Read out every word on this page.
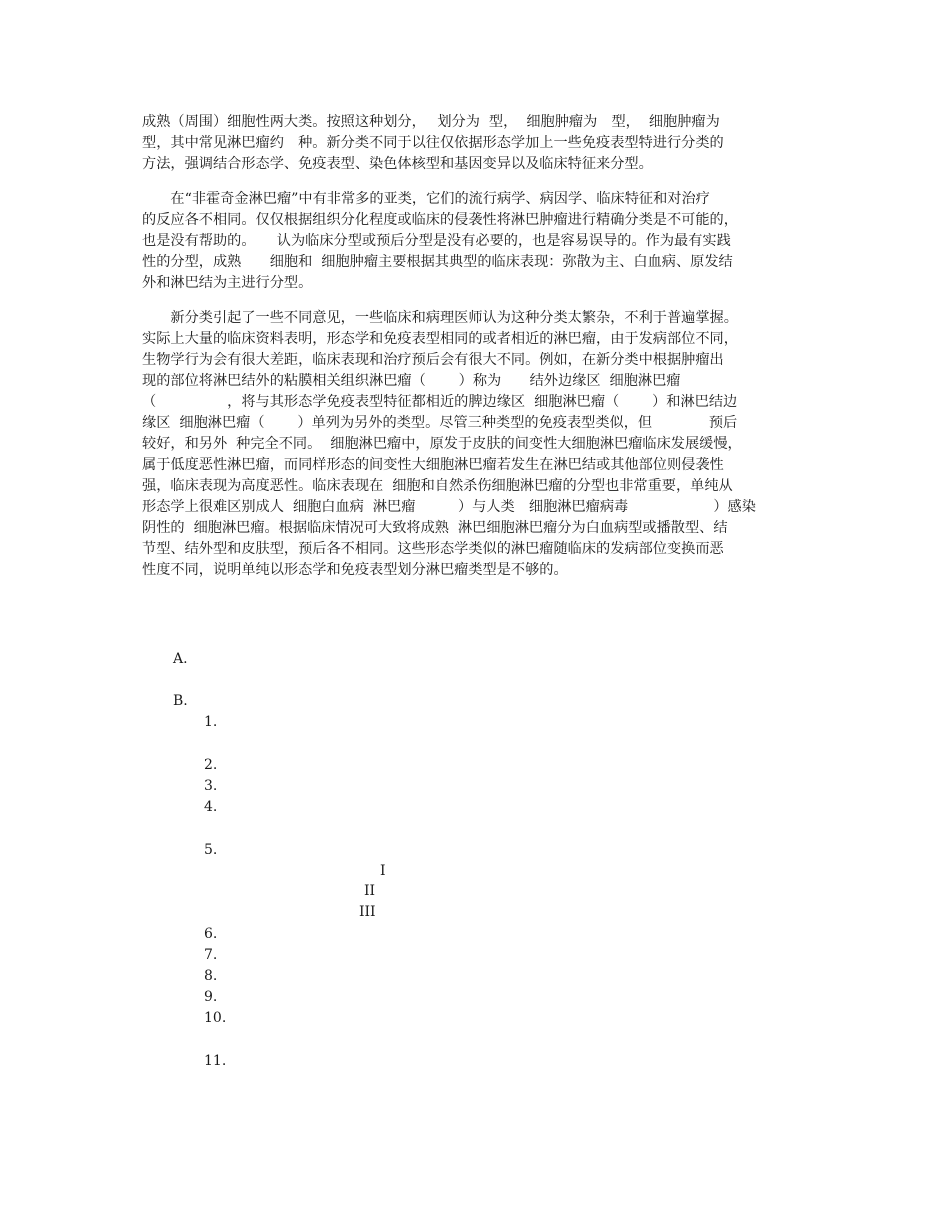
成熟（周围）细胞性两大类。按照这种划分，　 划分为  型，  细胞肿瘤为　型，  细胞肿瘤为
型，其中常见淋巴瘤约　种。新分类不同于以往仅依据形态学加上一些免疫表型特进行分类的
方法，强调结合形态学、免疫表型、染色体核型和基因变异以及临床特征来分型。

　　在“非霍奇金淋巴瘤”中有非常多的亚类，它们的流行病学、病因学、临床特征和对治疗
的反应各不相同。仅仅根据组织分化程度或临床的侵袭性将淋巴肿瘤进行精确分类是不可能的，
也是没有帮助的。　　认为临床分型或预后分型是没有必要的，也是容易误导的。作为最有实践
性的分型，成熟　　细胞和  细胞肿瘤主要根据其典型的临床表现：弥散为主、白血病、原发结
外和淋巴结为主进行分型。

　　新分类引起了一些不同意见，一些临床和病理医师认为这种分类太繁杂，不利于普遍掌握。
实际上大量的临床资料表明，形态学和免疫表型相同的或者相近的淋巴瘤，由于发病部位不同，
生物学行为会有很大差距，临床表现和治疗预后会有很大不同。例如，在新分类中根据肿瘤出
现的部位将淋巴结外的粘膜相关组织淋巴瘤（　　 ）称为　　结外边缘区  细胞淋巴瘤
（　　　　　，将与其形态学免疫表型特征都相近的脾边缘区  细胞淋巴瘤（　　 ）和淋巴结边
缘区  细胞淋巴瘤（　　 ）单列为另外的类型。尽管三种类型的免疫表型类似，但　　　　预后
较好，和另外  种完全不同。  细胞淋巴瘤中，原发于皮肤的间变性大细胞淋巴瘤临床发展缓慢，
属于低度恶性淋巴瘤，而同样形态的间变性大细胞淋巴瘤若发生在淋巴结或其他部位则侵袭性
强，临床表现为高度恶性。临床表现在  细胞和自然杀伤细胞淋巴瘤的分型也非常重要，单纯从
形态学上很难区别成人  细胞白血病  淋巴瘤　　　）与人类　细胞淋巴瘤病毒　　　　　　）感染
阴性的  细胞淋巴瘤。根据临床情况可大致将成熟  淋巴细胞淋巴瘤分为白血病型或播散型、结
节型、结外型和皮肤型，预后各不相同。这些形态学类似的淋巴瘤随临床的发病部位变换而恶
性度不同，说明单纯以形态学和免疫表型划分淋巴瘤类型是不够的。

A.
B.
1.
2.
3.
4.
5.
I
II
III
6.
7.
8.
9.
10.
11.
